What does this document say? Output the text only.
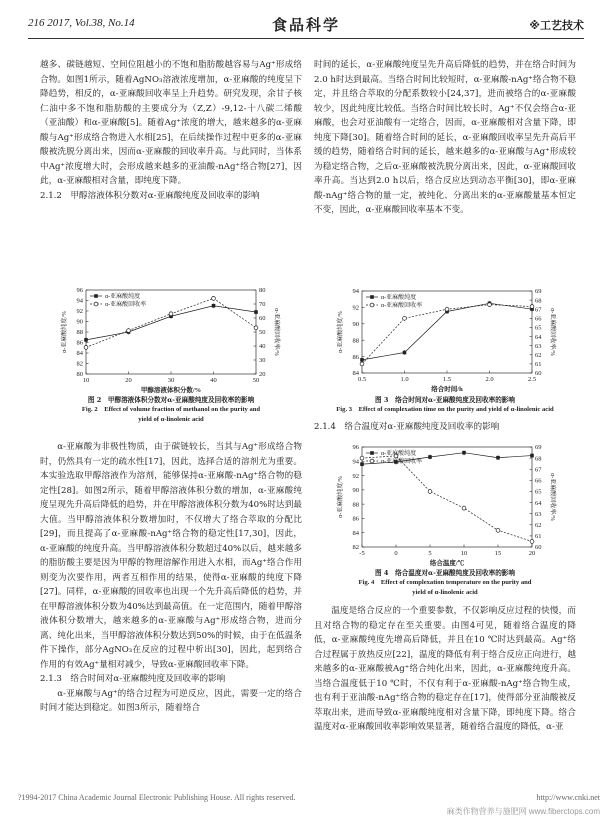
216 2017, Vol.38, No.14	食品科学	※工艺技术

越多、碳链越短、空间位阻越小的不饱和脂肪酸越容易与Ag⁺形成络合物。如图1所示，随着AgNO₃溶液浓度增加，α-亚麻酸的纯度呈下降趋势，相反的，α-亚麻酸回收率呈上升趋势。研究发现，余甘子核仁油中多不饱和脂肪酸的主要成分为（Z,Z）-9,12-十八碳二烯酸（亚油酸）和α-亚麻酸[5]。随着Ag⁺浓度的增大，越来越多的α-亚麻酸与Ag⁺形成络合物进入水相[25]，在后续操作过程中更多的α-亚麻酸被洗脱分离出来，因而α-亚麻酸的回收率升高。与此同时，当体系中Ag⁺浓度增大时，会形成越来越多的亚油酸-nAg⁺络合物[27]，因此，α-亚麻酸相对含量，即纯度下降。

2.1.2　甲醇溶液体积分数对α-亚麻酸纯度及回收率的影响

10	20	30	40	50
80
82
84
86
88
90
92
94
96
20
30
40
50
60
70
80
甲醇溶液体积分数/%
α-亚麻酸纯度/%	α-亚麻酸回收率/%
α-亚麻酸纯度
α-亚麻酸回收率
图 2　甲醇溶液体积分数对α-亚麻酸纯度及回收率的影响
Fig. 2　Effect of volume fraction of methanol on the purity and
yield of α-linolenic acid

α-亚麻酸为非极性物质，由于碳链较长，当其与Ag⁺形成络合物时，仍然具有一定的疏水性[17]，因此，选择合适的溶剂尤为重要。本实验选取甲醇溶液作为溶剂，能够保持α-亚麻酸-nAg⁺络合物的稳定性[28]。如图2所示，随着甲醇溶液体积分数的增加，α-亚麻酸纯度呈现先升高后降低的趋势，并在甲醇溶液体积分数为40%时达到最大值。当甲醇溶液体积分数增加时，不仅增大了络合萃取的分配比[29]，而且提高了α-亚麻酸-nAg⁺络合物的稳定性[17,30]，因此，α-亚麻酸的纯度升高。当甲醇溶液体积分数超过40%以后，越来越多的脂肪酸主要是因为甲醇的物理溶解作用进入水相，而Ag⁺络合作用则变为次要作用，两者互相作用的结果，使得α-亚麻酸的纯度下降[27]。同样，α-亚麻酸的回收率也出现一个先升高后降低的趋势，并在甲醇溶液体积分数为40%达到最高值。在一定范围内，随着甲醇溶液体积分数增大，越来越多的α-亚麻酸与Ag⁺形成络合物，进而分离、纯化出来，当甲醇溶液体积分数达到50%的时候，由于在低温条件下操作，部分AgNO₃在反应的过程中析出[30]，因此，起到络合作用的有效Ag⁺量相对减少，导致α-亚麻酸回收率下降。

2.1.3　络合时间对α-亚麻酸纯度及回收率的影响

α-亚麻酸与Ag⁺的络合过程为可逆反应，因此，需要一定的络合时间才能达到稳定。如图3所示，随着络合

时间的延长，α-亚麻酸纯度呈先升高后降低的趋势，并在络合时间为2.0 h时达到最高。当络合时间比较短时，α-亚麻酸-nAg⁺络合物不稳定，并且络合萃取的分配系数较小[24,37]，进而被络合的α-亚麻酸较少，因此纯度比较低。当络合时间比较长时，Ag⁺不仅会络合α-亚麻酸，也会对亚油酸有一定络合，因而，α-亚麻酸相对含量下降，即纯度下降[30]。随着络合时间的延长，α-亚麻酸回收率呈先升高后平缓的趋势，随着络合时间的延长，越来越多的α-亚麻酸与Ag⁺形成较为稳定络合物，之后α-亚麻酸被洗脱分离出来，因此，α-亚麻酸回收率升高。当达到2.0 h以后，络合反应达到动态平衡[30]，即α-亚麻酸-nAg⁺络合物的量一定，被纯化、分离出来的α-亚麻酸量基本恒定不变，因此，α-亚麻酸回收率基本不变。

0.5	1.0	1.5	2.0	2.5
84
86
88
90
92
94
60
61
62
63
64
65
66
67
68
69
络合时间/h
α-亚麻酸纯度/%	α-亚麻酸回收率/%
α-亚麻酸纯度
α-亚麻酸回收率
图 3　络合时间对α-亚麻酸纯度及回收率的影响
Fig. 3　Effect of complexation time on the purity and yield of α-linolenic acid

2.1.4　络合温度对α-亚麻酸纯度及回收率的影响

-5	0	5	10	15	20
82
84
86
88
90
92
94
96
60
61
62
63
64
65
66
67
68
69
络合温度/℃
α-亚麻酸纯度/%	α-亚麻酸回收率/%
α-亚麻酸纯度
α-亚麻酸回收率
图 4　络合温度对α-亚麻酸纯度及回收率的影响
Fig. 4　Effect of complexation temperature on the purity and
yield of α-linolenic acid

温度是络合反应的一个重要参数，不仅影响反应过程的快慢，而且对络合物的稳定存在至关重要。由图4可见，随着络合温度的降低，α-亚麻酸纯度先增高后降低，并且在10 ℃时达到最高。Ag⁺络合过程属于放热反应[22]，温度的降低有利于络合反应正向进行，越来越多的α-亚麻酸被Ag⁺络合纯化出来，因此，α-亚麻酸纯度升高。当络合温度低于10 ℃时，不仅有利于α-亚麻酸-nAg⁺络合物生成，也有利于亚油酸-nAg⁺络合物的稳定存在[17]，使得部分亚油酸被反萃取出来，进而导致α-亚麻酸纯度相对含量下降，即纯度下降。络合温度对α-亚麻酸回收率影响效果显著，随着络合温度的降低，α-亚

?1994-2017 China Academic Journal Electronic Publishing House. All rights reserved.	http://www.cnki.net
麻类作物营养与施肥网 www.fiberctops.com
